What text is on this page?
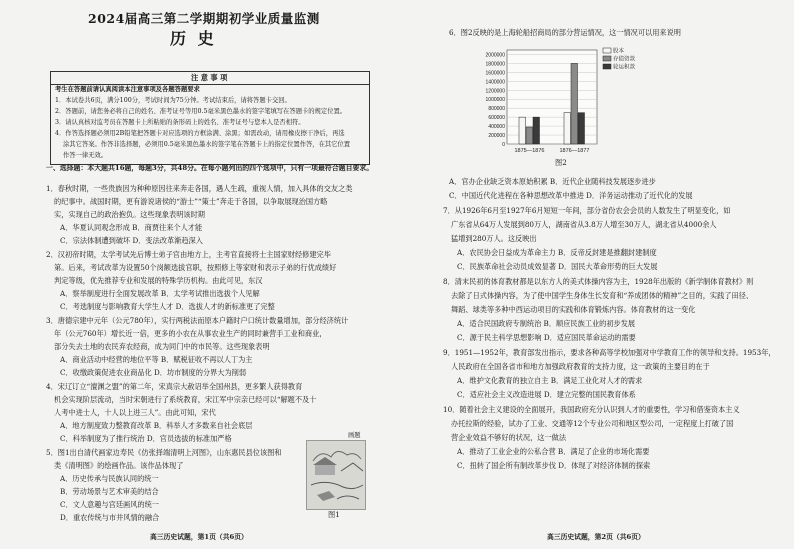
2024届高三第二学期期初学业质量监测
历 史
注 意 事 项
考生在答题前请认真阅读本注意事项及各题答题要求
1．本试卷共6页，满分100分，考试时间为75分钟。考试结束后，请将答题卡交回。
2．答题前，请您务必将自己的姓名、准考证号等用0.5毫米黑色墨水的签字笔填写在答题卡的规定位置。
3．请认真核对监考员在答题卡上所粘贴的条形码上的姓名、准考证号与您本人是否相符。
4．作答选择题必须用2B铅笔把答题卡对应选项的方框涂满、涂黑；如需改动，请用橡皮擦干净后，再选
涂其它答案。作答非选择题，必须用0.5毫米黑色墨水的签字笔在答题卡上的指定位置作答，在其它位置
作答一律无效。
一、选择题：本大题共16题，每题3分，共48分。在每小题列出的四个选项中，只有一项最符合题目要求。
1．春秋时期，一些贵族因为种种原因往来奔走各国，遇人生疏，重视人情，加入具体的交友之类
的纪事中。战国时期，更有游说诸侯的“游士”“策士”奔走于各国，以争取展现治国方略
实，实现自己的政治抱负。这些现象表明该时期
A．华夏认同观念形成 B．商贾往来个人才能
C．宗法体制遭到破坏 D．变法改革渐趋深入
2．汉初帝时期，太学考试先后博士弟子官由地方上，主考官直接将士主国家财经修建完毕
第。后来，考试改革为设置50个岗额选拔官职，按照修上等家财和表示子弟的行优成绩好
判定等级，优先推荐专业和发展的特殊学历机构。由此可见，东汉
A．察举制度进行全面发展改革 B．太学考试推出选拔个人见解
C．考选制度与影响教育大学生人才 D．选拔人才的新标准更了完整
3．唐德宗建中元年（公元780年），实行两税法而原本户籍时户口统计数量增加，部分经济统计
年（公元760年）增长近一倍，更多的小农在从事农业生产的同时兼营手工业和商业，
部分失去土地的农民弃农经商，成为同门中的市民等。这些现象表明
A．商业活动中经营的地位平等 B．赋税征收不再以人丁为主
C．收缴政策促进农业商品化 D．坊市制度的分界大为削弱
4．宋辽订立“澶渊之盟”的第二年，宋真宗大赦诏举全国州县，更多繁人获得教育
机会实现阶层流动，当时宋朝进行了系统教育，宋江军中宗亲已经可以“解题不及十
人考中进士人，十人以上进三人”。由此可知，宋代
A．地方制度致力整教育改革 B．科举人才多数来自社会底层
C．科举制度为了推行统治 D．官员选拔的标准加严格
5．图1出自清代画家边寿民《仿张择端清明上河图》，山东惠民县位该图和
类《清明图》的绘画作品。该作品体现了
A．历史传承与民族认同的统一
B．劳动场景与艺术审美的结合
C．文人意趣与宫廷画风的统一
D．重农传统与市井风情的融合
画题
图1
高三历史试题，第1页（共6页）
6．图2反映的是上海轮船招商局的部分营运情况，这一情况可以用来说明
0
200000
400000
600000
800000
1000000
1200000
1400000
1600000
1800000
2000000
1875—1876	1876—1877
股本
存债资款
轮运积款
图2
A．官办企业缺乏资本原始积累 B．近代企业随科技发展逐步进步
C．中国近代化进程在各种思想改革中推进 D．洋务运动推动了近代化的发展
7．从1926年6月至1927年6月短短一年间，部分省份农会会员的人数发生了明显变化，如
广东省从64万人发展到80万人，湖南省从3.8万人增至30万人，湖北省从4000余人
猛增到280万人。这反映出
A．农民协会日益成为革命主力 B．反帝反封建是推翻封建制度
C．民族革命社会动员成效显著 D．国民大革命形势的巨大发展
8．清末民初的体育教材都是以东方人的美式体操内容为主，1928年出版的《新学制体育教材》则
去除了日式体操内容，为了使中国学生身体生长发育和“养成团体的精神”之目的，实践了田径、
舞蹈、球类等多种中西运动项目的实践和体育锻炼内容。体育教材的这一变化
A．适合民国政府专制统治 B．顺应民族工业的初步发展
C．源于民主科学思想影响 D．适应国民革命运动的需要
9．1951—1952年，教育部发出指示，要求各种高等学校加强对中学教育工作的领导和支持。1953年，
人民政府在全国各省市和地方加强政府教育的支持力度，这一政策的主要目的在于
A．维护文化教育的独立自主 B．满足工业化对人才的需求
C．适应社会主义改造进展 D．建立完整的国民教育体系
10．随着社会主义建设的全面展开，我国政府充分认识到人才的重要性，学习和借鉴资本主义
办托拉斯的经验，试办了工业、交通等12个专业公司和地区型公司，一定程度上打破了国
营企业效益不够好的状况，这一做法
A．推动了工业企业的公私合营 B．满足了企业的市场化需要
C．扭转了国企所有制改革步伐 D．体现了对经济体制的探索
高三历史试题，第2页（共6页）
